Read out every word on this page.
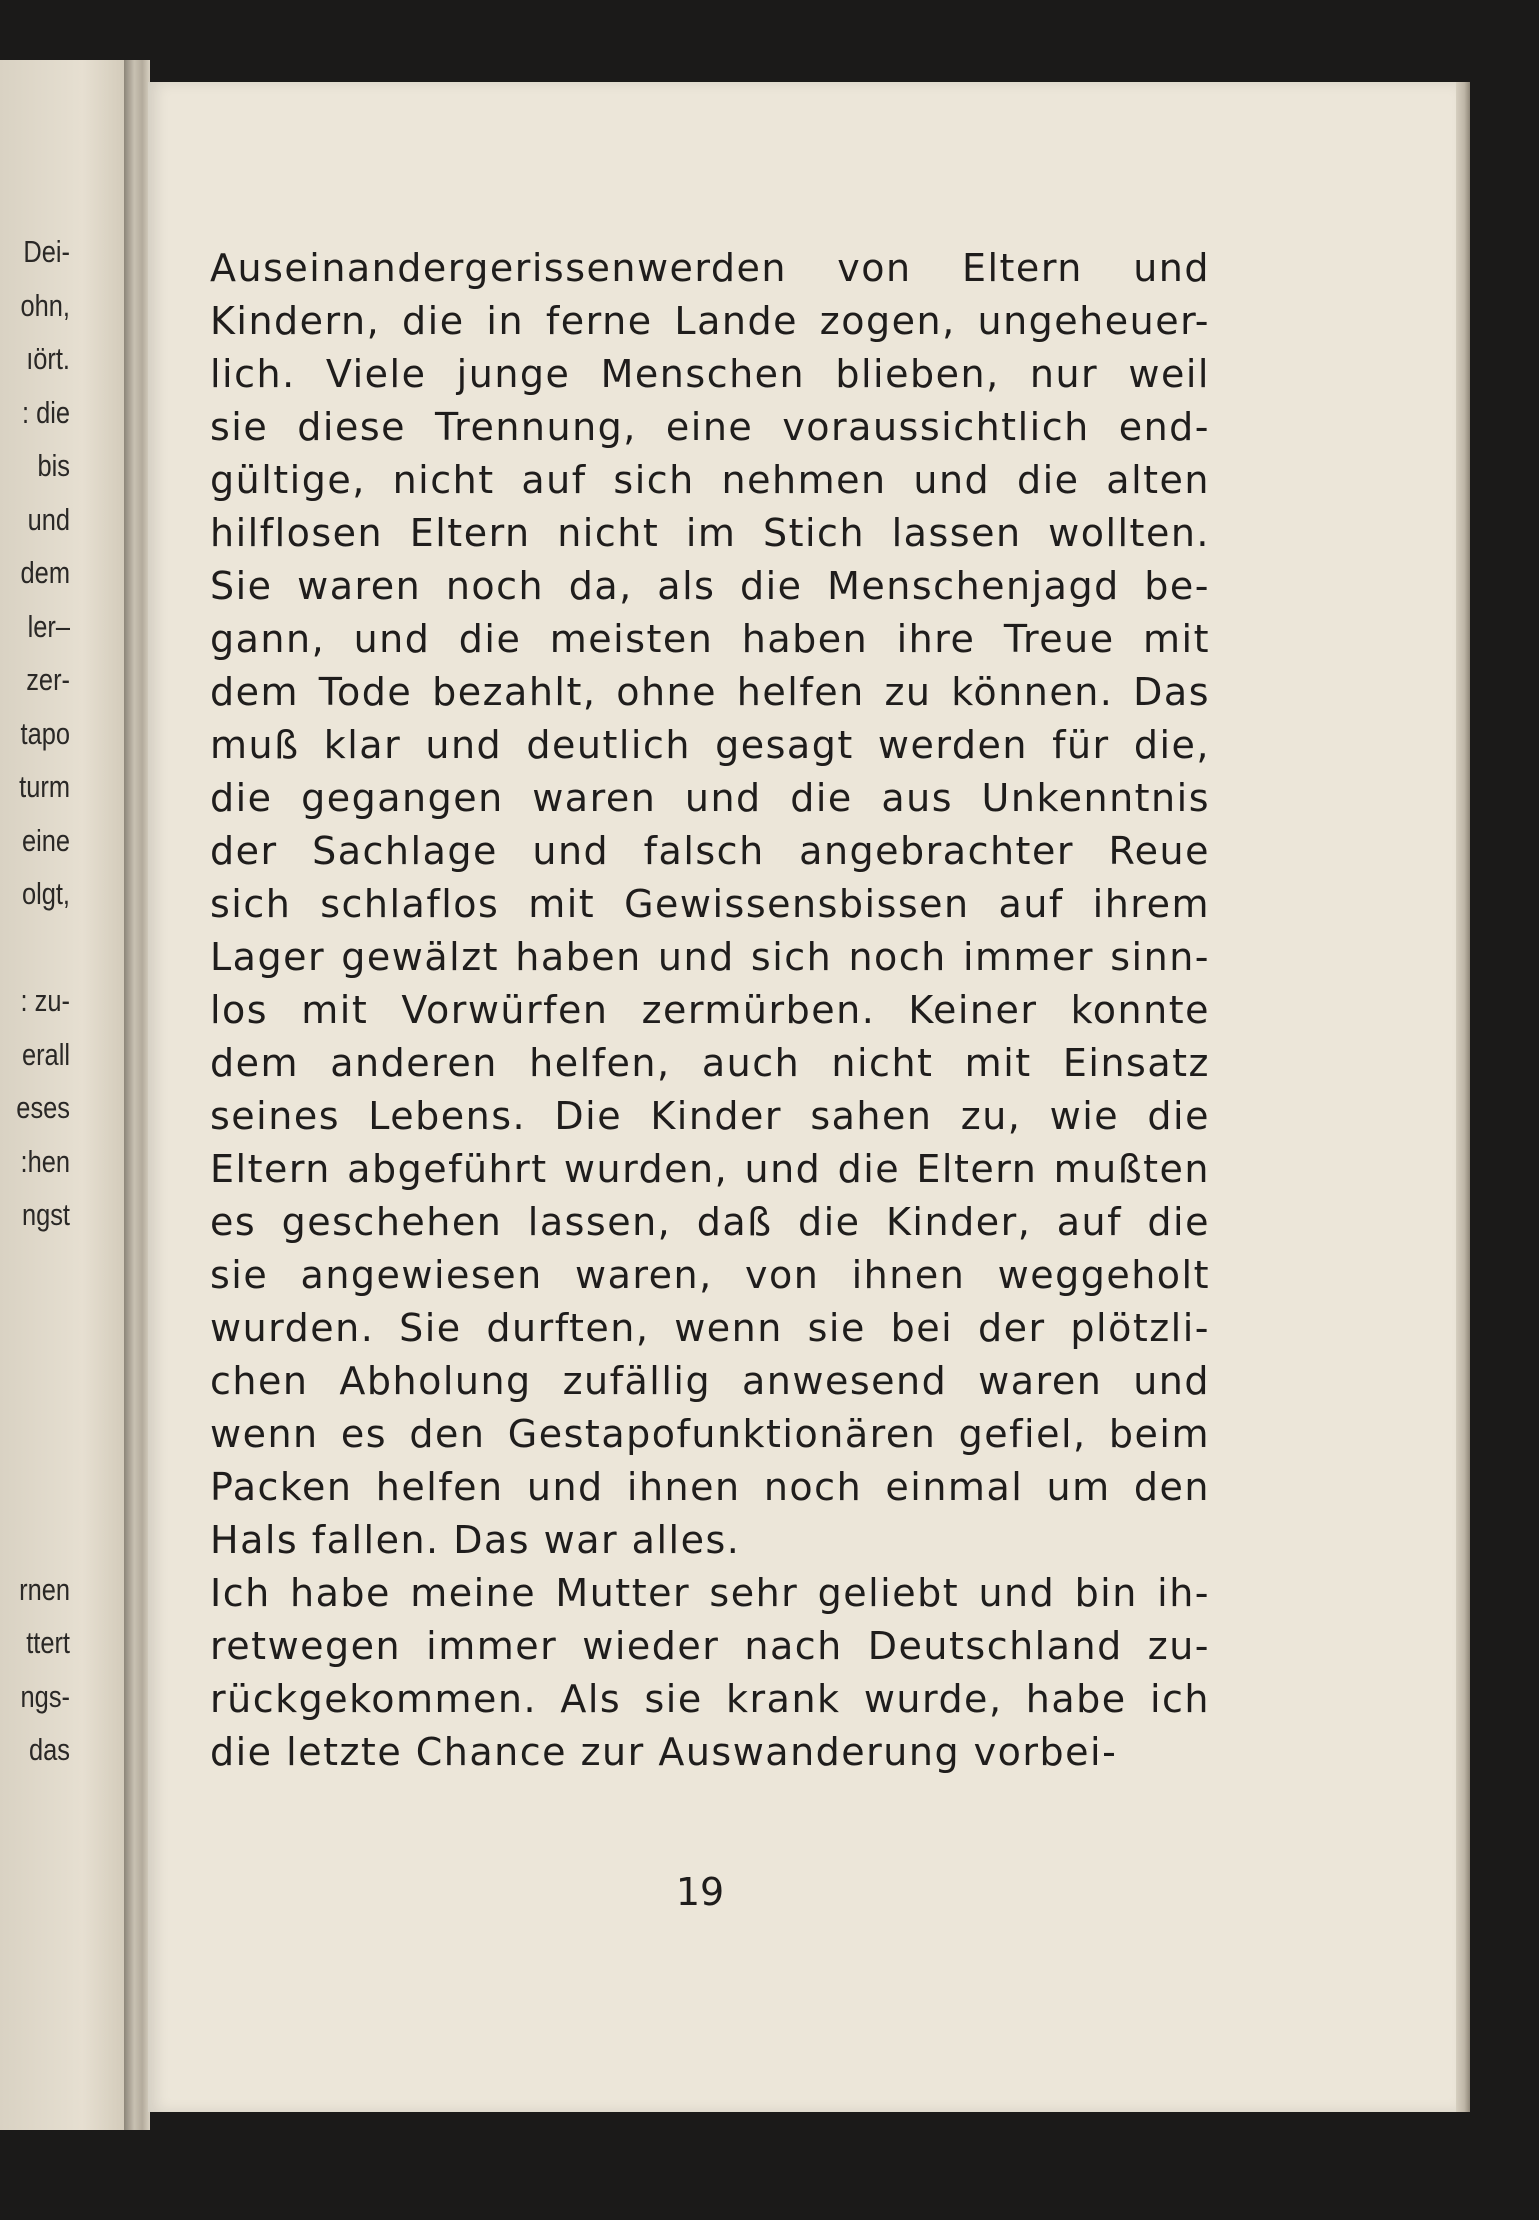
Dei-
ohn,
ıört.
: die
bis
und
dem
ler–
zer-
tapo
turm
eine
olgt,
: zu-
erall
eses
:hen
ngst
rnen
ttert
ngs-
das
Auseinandergerissenwerden von Eltern und
Kindern, die in ferne Lande zogen, ungeheuer-
lich. Viele junge Menschen blieben, nur weil
sie diese Trennung, eine voraussichtlich end-
gültige, nicht auf sich nehmen und die alten
hilflosen Eltern nicht im Stich lassen wollten.
Sie waren noch da, als die Menschenjagd be-
gann, und die meisten haben ihre Treue mit
dem Tode bezahlt, ohne helfen zu können. Das
muß klar und deutlich gesagt werden für die,
die gegangen waren und die aus Unkenntnis
der Sachlage und falsch angebrachter Reue
sich schlaflos mit Gewissensbissen auf ihrem
Lager gewälzt haben und sich noch immer sinn-
los mit Vorwürfen zermürben. Keiner konnte
dem anderen helfen, auch nicht mit Einsatz
seines Lebens. Die Kinder sahen zu, wie die
Eltern abgeführt wurden, und die Eltern mußten
es geschehen lassen, daß die Kinder, auf die
sie angewiesen waren, von ihnen weggeholt
wurden. Sie durften, wenn sie bei der plötzli-
chen Abholung zufällig anwesend waren und
wenn es den Gestapofunktionären gefiel, beim
Packen helfen und ihnen noch einmal um den
Hals fallen. Das war alles.
Ich habe meine Mutter sehr geliebt und bin ih-
retwegen immer wieder nach Deutschland zu-
rückgekommen. Als sie krank wurde, habe ich
die letzte Chance zur Auswanderung vorbei-
19
